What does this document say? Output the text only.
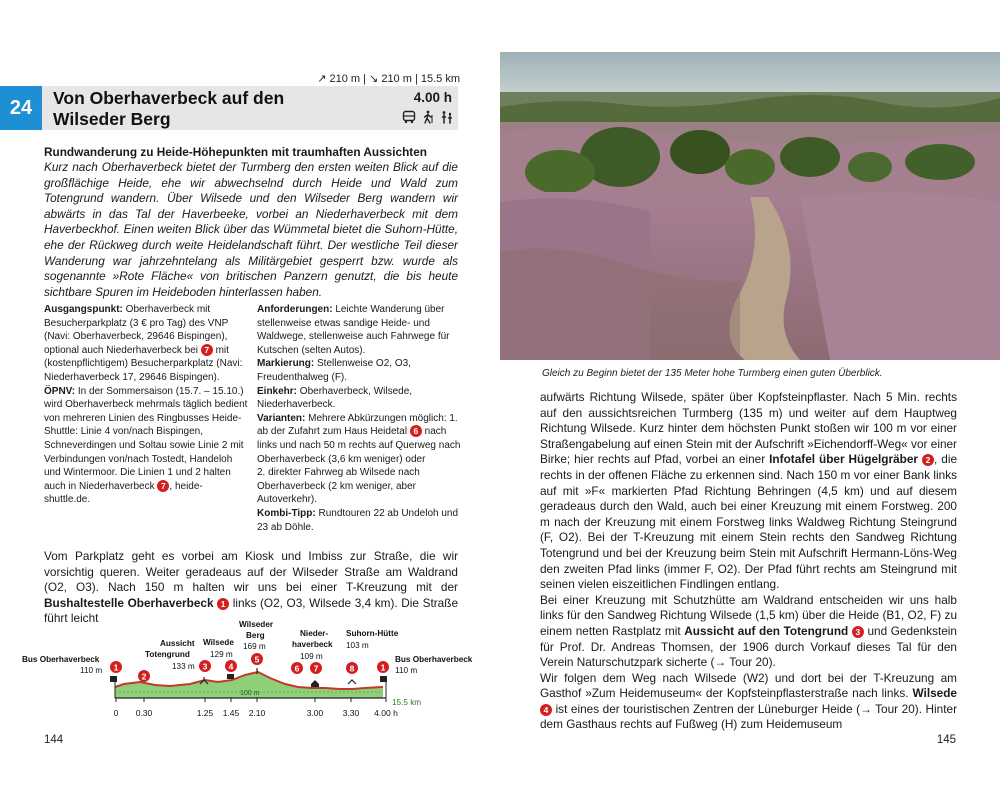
↗ 210 m | ↘ 210 m | 15.5 km
24	Von Oberhaverbeck auf den
Wilseder Berg
4.00 h
Rundwanderung zu Heide-Höhepunkten mit traumhaften Aussichten
Kurz nach Oberhaverbeck bietet der Turmberg den ersten weiten Blick auf die großflächige Heide, ehe wir abwechselnd durch Heide und Wald zum Totengrund wandern. Über Wilsede und den Wilseder Berg wandern wir abwärts in das Tal der Haverbeeke, vorbei an Niederhaverbeck mit dem Haverbeckhof. Einen weiten Blick über das Wümmetal bietet die Suhorn-Hütte, ehe der Rückweg durch weite Heidelandschaft führt. Der westliche Teil dieser Wanderung war jahrzehntelang als Militärgebiet gesperrt bzw. wurde als sogenannte »Rote Fläche« von britischen Panzern genutzt, die bis heute sichtbare Spuren im Heideboden hinterlassen haben.

Ausgangspunkt: Oberhaverbeck mit Besucherparkplatz (3 € pro Tag) des VNP (Navi: Oberhaverbeck, 29646 Bispingen), optional auch Niederhaverbeck bei 7 mit (kostenpflichtigem) Besucherparkplatz (Navi: Niederhaverbeck 17, 29646 Bispingen).

ÖPNV: In der Sommersaison (15.7. – 15.10.) wird Oberhaverbeck mehrmals täglich bedient von mehreren Linien des Ringbusses Heide-Shuttle: Linie 4 von/nach Bispingen, Schneverdingen und Soltau sowie Linie 2 mit Verbindungen von/nach Tostedt, Handeloh und Wintermoor. Die Linien 1 und 2 halten auch in Niederhaverbeck 7 , heide-shuttle.de.

Anforderungen: Leichte Wanderung über stellenweise etwas sandige Heide- und Waldwege, stellenweise auch Fahrwege für Kutschen (selten Autos).

Markierung: Stellenweise O2, O3, Freudenthalweg (F).

Einkehr: Oberhaverbeck, Wilsede, Niederhaverbeck.

Varianten: Mehrere Abkürzungen möglich: 1. ab der Zufahrt zum Haus Heidetal 6 nach links und nach 50 m rechts auf Querweg nach Oberhaverbeck (3,6 km weniger) oder

2. direkter Fahrweg ab Wilsede nach Oberhaverbeck (2 km weniger, aber Autoverkehr).

Kombi-Tipp: Rundtouren 22 ab Undeloh und 23 ab Döhle.

Vom Parkplatz geht es vorbei am Kiosk und Imbiss zur Straße, die wir vorsichtig queren. Weiter geradeaus auf der Wilseder Straße am Waldrand (O2, O3). Nach 150 m halten wir uns bei einer T-Kreuzung mit der Bushaltestelle Oberhaverbeck 1 links (O2, O3, Wilsede 3,4 km). Die Straße führt leicht
100 m
1
2
3	4
5
6 7	8	1
Bus Oberhaverbeck
110 m
Aussicht
Totengrund
133 m
Wilsede
129 m
Wilseder
Berg
169 m
Nieder-
haverbeck
109 m
Suhorn-Hütte
103 m
Bus Oberhaverbeck
110 m
15.5 km
0 0.30	1.25 1.45 2.10	3.00 3.30 4.00 h
144
Gleich zu Beginn bietet der 135 Meter hohe Turmberg einen guten Überblick.

aufwärts Richtung Wilsede, später über Kopfsteinpflaster. Nach 5 Min. rechts auf den aussichtsreichen Turmberg (135 m) und weiter auf dem Hauptweg Richtung Wilsede. Kurz hinter dem höchsten Punkt stoßen wir 100 m vor einer Straßengabelung auf einen Stein mit der Aufschrift »Eichendorff-Weg« vor einer Birke; hier rechts auf Pfad, vorbei an einer Infotafel über Hügelgräber 2 , die rechts in der offenen Fläche zu erkennen sind. Nach 150 m vor einer Bank links auf mit »F« markierten Pfad Richtung Behringen (4,5 km) und auf diesem geradeaus durch den Wald, auch bei einer Kreuzung mit einem Forstweg. 200 m nach der Kreuzung mit einem Forstweg links Waldweg Richtung Steingrund (F, O2). Bei der T-Kreuzung mit einem Stein rechts den Sandweg Richtung Totengrund und bei der Kreuzung beim Stein mit Aufschrift Hermann-Löns-Weg den zweiten Pfad links (immer F, O2). Der Pfad führt rechts am Steingrund mit seinen vielen eiszeitlichen Findlingen entlang.

Bei einer Kreuzung mit Schutzhütte am Waldrand entscheiden wir uns halb links für den Sandweg Richtung Wilsede (1,5 km) über die Heide (B1, O2, F) zu einem netten Rastplatz mit Aussicht auf den Totengrund 3 und Gedenkstein für Prof. Dr. Andreas Thomsen, der 1906 durch Vorkauf dieses Tal für den Verein Naturschutzpark sicherte (→ Tour 20).

Wir folgen dem Weg nach Wilsede (W2) und dort bei der T-Kreuzung am Gasthof »Zum Heidemuseum« der Kopfsteinpflasterstraße nach links. Wilsede 4 ist eines der touristischen Zentren der Lüneburger Heide (→ Tour 20). Hinter dem Gasthaus rechts auf Fußweg (H) zum Heidemuseum

145
